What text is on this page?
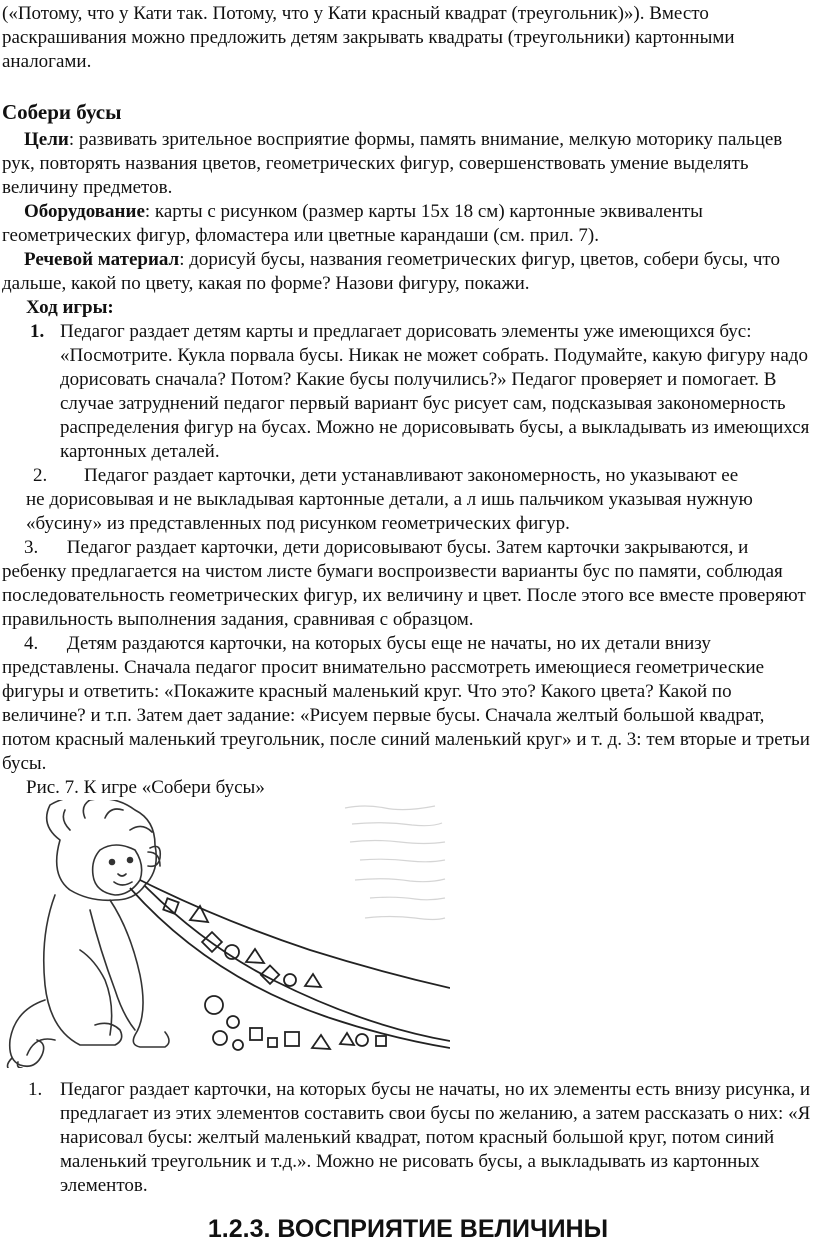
(«Потому, что у Кати так. Потому, что у Кати красный квадрат (треугольник)»). Вместо раскрашивания можно предложить детям закрывать квадраты (треугольники) картонными аналогами.

Собери бусы

Цели: развивать зрительное восприятие формы, память внимание, мелкую моторику пальцев рук, повторять названия цветов, геометрических фигур, совершенствовать умение выделять величину предметов.

Оборудование: карты с рисунком (размер карты 15х 18 см) картонные эквиваленты геометрических фигур, фломастера или цветные карандаши (см. прил. 7).

Речевой материал: дорисуй бусы, названия геометрических фигур, цветов, собери бусы, что дальше, какой по цвету, какая по форме? Назови фигуру, покажи.

Ход игры:

1. Педагог раздает детям карты и предлагает дорисовать элементы уже имеющихся бус: «Посмотрите. Кукла порвала бусы. Никак не может собрать. Подумайте, какую фигуру надо дорисовать сначала? Потом? Какие бусы получились?» Педагог проверяет и помогает. В случае затруднений педагог первый вариант бус рисует сам, подсказывая закономерность распределения фигур на бусах. Можно не дорисовывать бусы, а выкладывать из имеющихся картонных деталей.
2. Педагог раздает карточки, дети устанавливают закономерность, но указывают ее
не дорисовывая и не выкладывая картонные детали, а л ишь пальчиком указывая нужную «бусину» из представленных под рисунком геометрических фигур.

3. Педагог раздает карточки, дети дорисовывают бусы. Затем карточки закрываются, и ребенку предлагается на чистом листе бумаги воспроизвести варианты бус по памяти, соблюдая последовательность геометрических фигур, их величину и цвет. После этого все вместе проверяют правильность выполнения задания, сравнивая с образцом.

4. Детям раздаются карточки, на которых бусы еще не начаты, но их детали внизу представлены. Сначала педагог просит внимательно рассмотреть имеющиеся геометрические фигуры и ответить: «Покажите красный маленький круг. Что это? Какого цвета? Какой по величине? и т.п. Затем дает задание: «Рисуем первые бусы. Сначала желтый большой квадрат, потом красный маленький треугольник, после синий маленький круг» и т. д. 3: тем вторые и третьи бусы.

Рис. 7. К игре «Собери бусы»

1. Педагог раздает карточки, на которых бусы не начаты, но их элементы есть внизу рисунка, и предлагает из этих элементов составить свои бусы по желанию, а затем рассказать о них: «Я нарисовал бусы: желтый маленький квадрат, потом красный большой круг, потом синий маленький треугольник и т.д.». Можно не рисовать бусы, а выкладывать из картонных элементов.
1.2.3. ВОСПРИЯТИЕ ВЕЛИЧИНЫ
